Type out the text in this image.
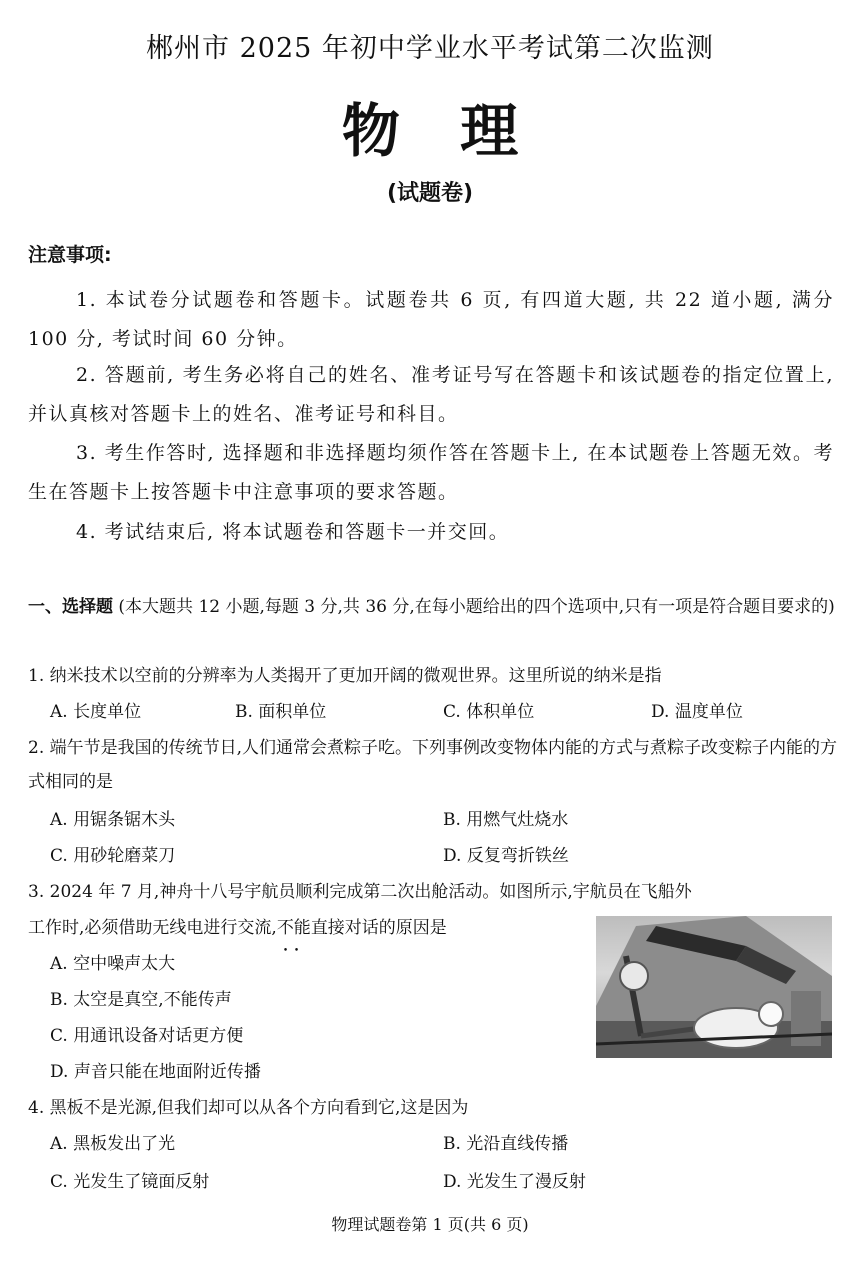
郴州市 2025 年初中学业水平考试第二次监测
物 理
(试题卷)
注意事项:
1. 本试卷分试题卷和答题卡。试题卷共 6 页, 有四道大题, 共 22 道小题, 满分 100 分, 考试时间 60 分钟。
2. 答题前, 考生务必将自己的姓名、准考证号写在答题卡和该试题卷的指定位置上, 并认真核对答题卡上的姓名、准考证号和科目。
3. 考生作答时, 选择题和非选择题均须作答在答题卡上, 在本试题卷上答题无效。考生在答题卡上按答题卡中注意事项的要求答题。
4. 考试结束后, 将本试题卷和答题卡一并交回。
一、选择题 (本大题共 12 小题,每题 3 分,共 36 分,在每小题给出的四个选项中,只有一项是符合题目要求的)
1. 纳米技术以空前的分辨率为人类揭开了更加开阔的微观世界。这里所说的纳米是指
A. 长度单位	B. 面积单位	C. 体积单位	D. 温度单位
2. 端午节是我国的传统节日,人们通常会煮粽子吃。下列事例改变物体内能的方式与煮粽子改变粽子内能的方式相同的是
A. 用锯条锯木头	B. 用燃气灶烧水
C. 用砂轮磨菜刀	D. 反复弯折铁丝
3. 2024 年 7 月,神舟十八号宇航员顺利完成第二次出舱活动。如图所示,宇航员在飞船外
工作时,必须借助无线电进行交流,不能 •  •直接对话的原因是
A. 空中噪声太大
B. 太空是真空,不能传声
C. 用通讯设备对话更方便
D. 声音只能在地面附近传播
4. 黑板不是光源,但我们却可以从各个方向看到它,这是因为
A. 黑板发出了光	B. 光沿直线传播
C. 光发生了镜面反射	D. 光发生了漫反射
物理试题卷第 1 页(共 6 页)
